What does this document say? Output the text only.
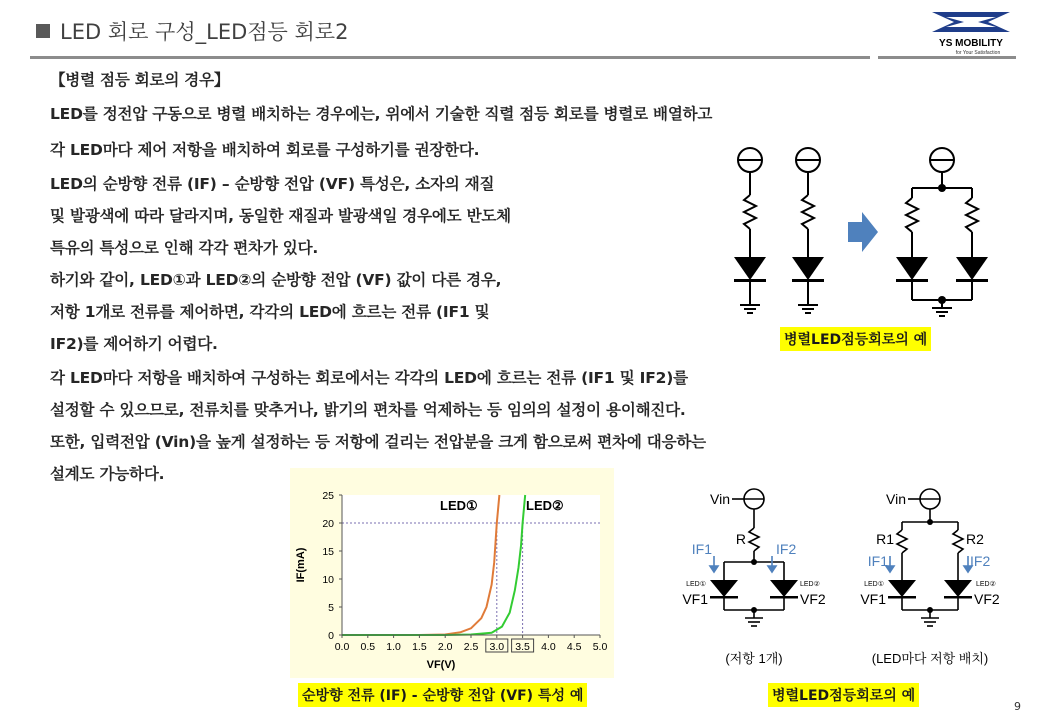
LED 회로 구성_LED점등 회로2	YS MOBILITY
for Your Satisfaction
【병렬 점등 회로의 경우】
LED를 정전압 구동으로 병렬 배치하는 경우에는, 위에서 기술한 직렬 점등 회로를 병렬로 배열하고
각 LED마다 제어 저항을 배치하여 회로를 구성하기를 권장한다.
LED의 순방향 전류 (IF) – 순방향 전압 (VF) 특성은, 소자의 재질
및 발광색에 따라 달라지며, 동일한 재질과 발광색일 경우에도 반도체
특유의 특성으로 인해 각각 편차가 있다.
하기와 같이, LED①과 LED②의 순방향 전압 (VF) 값이 다른 경우,
저항 1개로 전류를 제어하면, 각각의 LED에 흐르는 전류 (IF1 및
IF2)를 제어하기 어렵다.
각 LED마다 저항을 배치하여 구성하는 회로에서는 각각의 LED에 흐르는 전류 (IF1 및 IF2)를
설정할 수 있으므로, 전류치를 맞추거나, 밝기의 편차를 억제하는 등 임의의 설정이 용이해진다.
또한, 입력전압 (Vin)을 높게 설정하는 등 저항에 걸리는 전압분을 크게 함으로써 편차에 대응하는
설계도 가능하다.
병렬LED점등회로의 예
LED①	LED②
0.0 0.5 1.0 1.5 2.0 2.5 3.0 3.5 4.0 4.5 5.0
0
5
10
15
20
25
VF(V)
IF(mA)
순방향 전류 (IF) - 순방향 전압 (VF) 특성 예
Vin
R
IF1	IF2
LED①	LED②
VF1	VF2
(저항 1개)
Vin
R1	R2
IF1	IF2
LED①	LED②
VF1	VF2
(LED마다 저항 배치)
병렬LED점등회로의 예
9
